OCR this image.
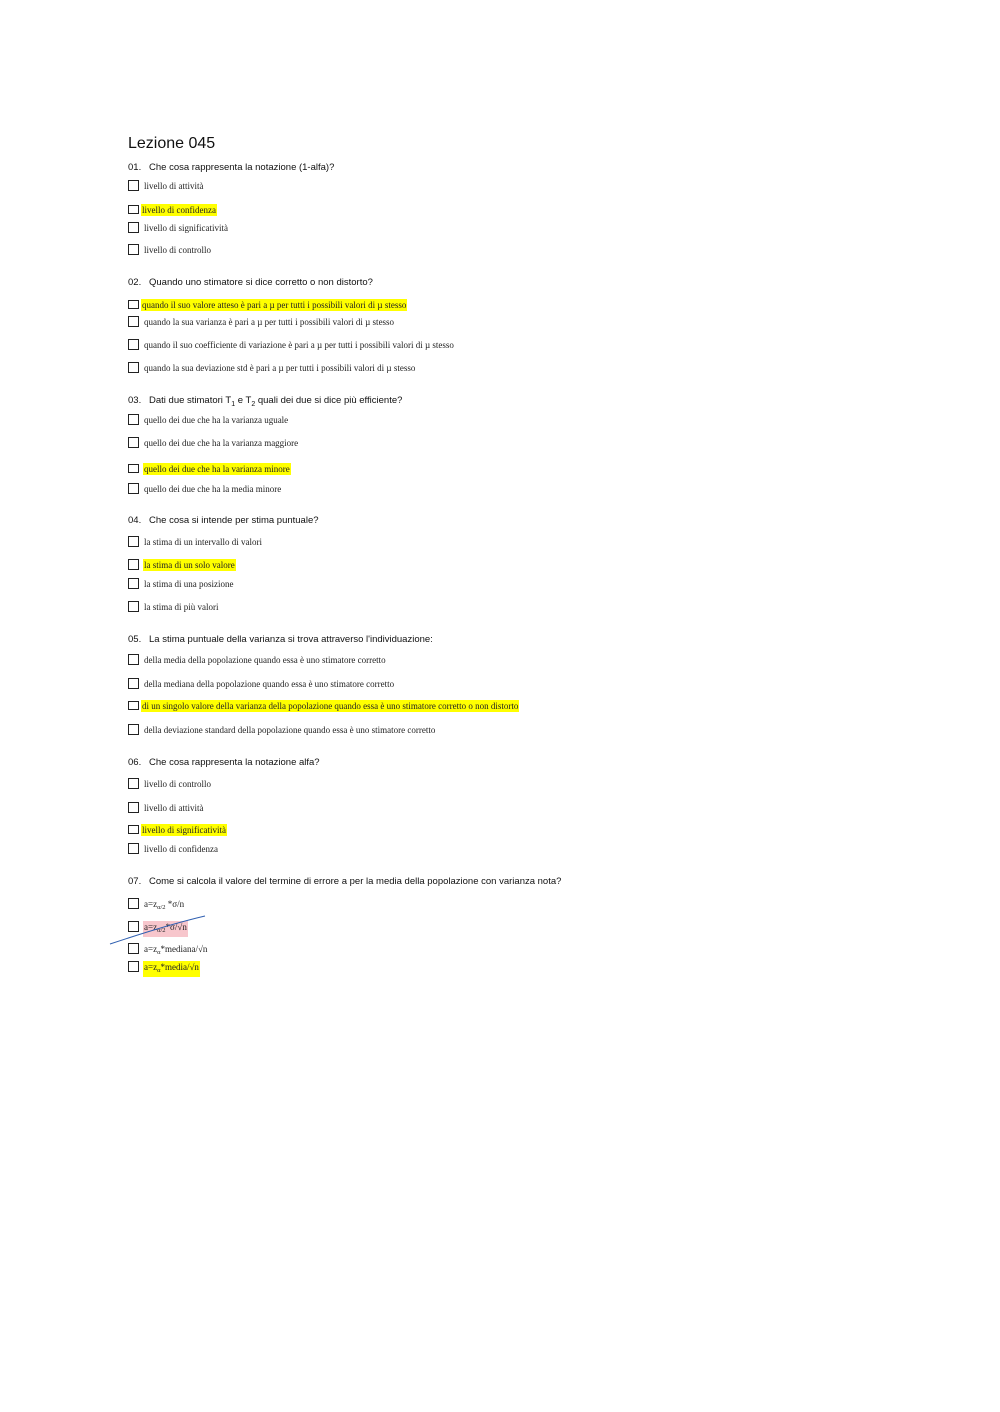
Lezione 045
01. Che cosa rappresenta la notazione (1-alfa)?
livello di attività
livello di confidenza
livello di significatività
livello di controllo
02. Quando uno stimatore si dice corretto o non distorto?
quando il suo valore atteso è pari a µ per tutti i possibili valori di µ stesso
quando la sua varianza è pari a µ per tutti i possibili valori di µ stesso
quando il suo coefficiente di variazione è pari a µ per tutti i possibili valori di µ stesso
quando la sua deviazione std è pari a µ per tutti i possibili valori di µ stesso
03. Dati due stimatori $T_1$ e $T_2$ quali dei due si dice più efficiente?
quello dei due che ha la varianza uguale
quello dei due che ha la varianza maggiore
quello dei due che ha la varianza minore
quello dei due che ha la media minore
04. Che cosa si intende per stima puntuale?
la stima di un intervallo di valori
la stima di un solo valore
la stima di una posizione
la stima di più valori
05. La stima puntuale della varianza si trova attraverso l'individuazione:
della media della popolazione quando essa è uno stimatore corretto
della mediana della popolazione quando essa è uno stimatore corretto
di un singolo valore della varianza della popolazione quando essa è uno stimatore corretto o non distorto
della deviazione standard della popolazione quando essa è uno stimatore corretto
06. Che cosa rappresenta la notazione alfa?
livello di controllo
livello di attività
livello di significatività
livello di confidenza
07. Come si calcola il valore del termine di errore a per la media della popolazione con varianza nota?
$a=z_{\alpha/2}$ *σ/n
$a=z_{\alpha/2}*\sigma/√n$
$a=z_\alpha*mediana/√n$
$a=z_\alpha*media/√n$
